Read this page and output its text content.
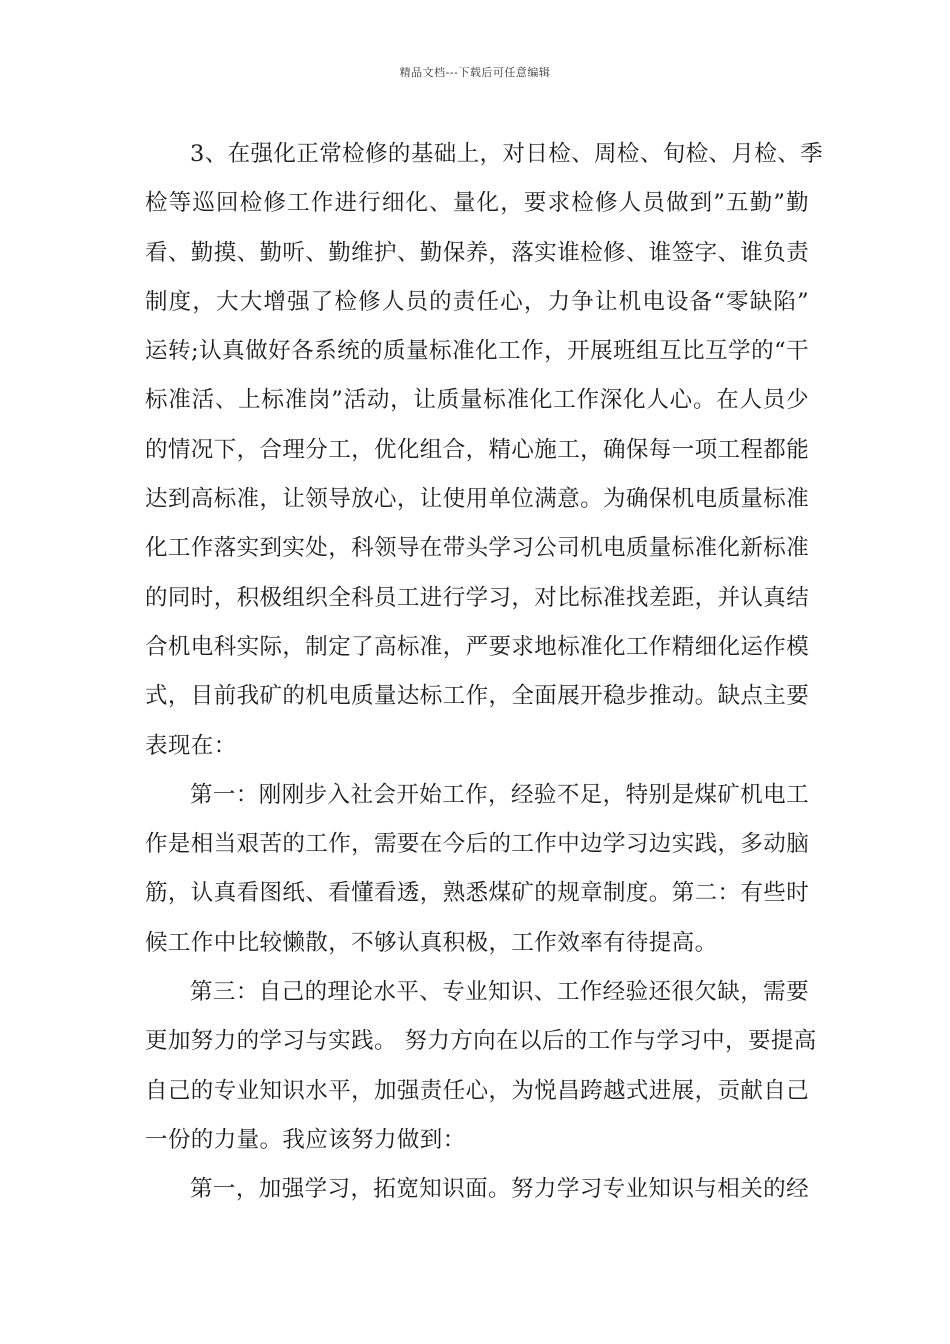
精品文档---下载后可任意编辑
3、在强化正常检修的基础上，对日检、周检、旬检、月检、季
检等巡回检修工作进行细化、量化，要求检修人员做到”五勤”勤
看、勤摸、勤听、勤维护、勤保养，落实谁检修、谁签字、谁负责
制度，大大增强了检修人员的责任心，力争让机电设备“零缺陷”
运转;认真做好各系统的质量标准化工作，开展班组互比互学的“干
标准活、上标准岗”活动，让质量标准化工作深化人心。在人员少
的情况下，合理分工，优化组合，精心施工，确保每一项工程都能
达到高标准，让领导放心，让使用单位满意。为确保机电质量标准
化工作落实到实处，科领导在带头学习公司机电质量标准化新标准
的同时，积极组织全科员工进行学习，对比标准找差距，并认真结
合机电科实际，制定了高标准，严要求地标准化工作精细化运作模
式，目前我矿的机电质量达标工作，全面展开稳步推动。缺点主要
表现在：
第一：刚刚步入社会开始工作，经验不足，特别是煤矿机电工
作是相当艰苦的工作，需要在今后的工作中边学习边实践，多动脑
筋，认真看图纸、看懂看透，熟悉煤矿的规章制度。第二：有些时
候工作中比较懒散，不够认真积极，工作效率有待提高。
第三：自己的理论水平、专业知识、工作经验还很欠缺，需要
更加努力的学习与实践。 努力方向在以后的工作与学习中，要提高
自己的专业知识水平，加强责任心，为悦昌跨越式进展，贡献自己
一份的力量。我应该努力做到：
第一，加强学习，拓宽知识面。努力学习专业知识与相关的经
